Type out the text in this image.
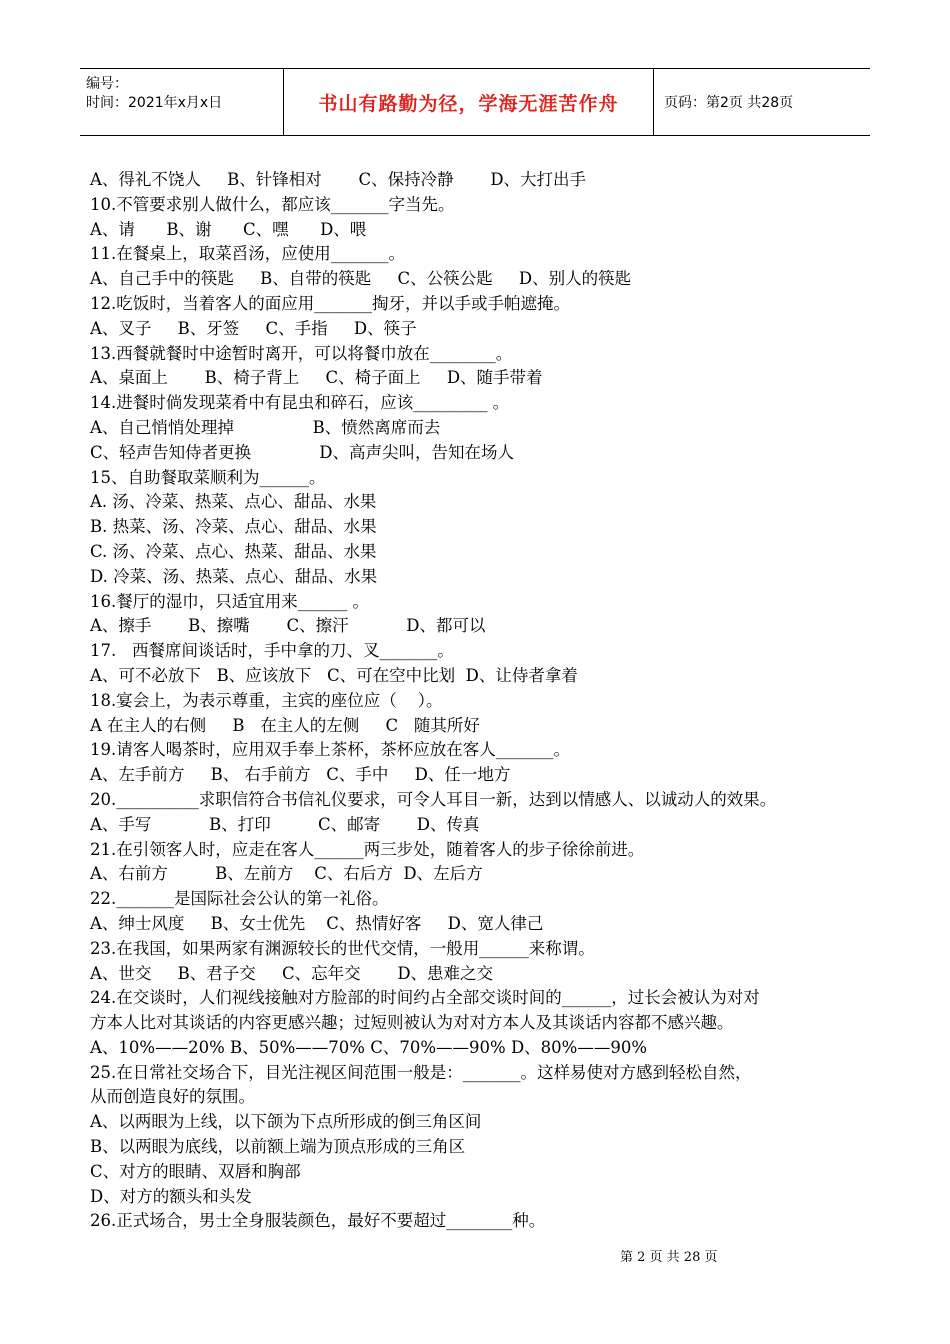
编号：
时间：2021年x月x日	书山有路勤为径，学海无涯苦作舟	页码：第2页 共28页
A、得礼不饶人     B、针锋相对       C、保持冷静       D、大打出手
10.不管要求别人做什么，都应该_______字当先。
A、请      B、谢      C、嘿      D、喂
11.在餐桌上，取菜舀汤，应使用_______。
A、自己手中的筷匙     B、自带的筷匙     C、公筷公匙     D、别人的筷匙
12.吃饭时，当着客人的面应用_______掏牙，并以手或手帕遮掩。
A、叉子     B、牙签     C、手指     D、筷子
13.西餐就餐时中途暂时离开，可以将餐巾放在________。
A、桌面上       B、椅子背上     C、椅子面上     D、随手带着
14.进餐时倘发现菜肴中有昆虫和碎石，应该_________ 。
A、自己悄悄处理掉               B、愤然离席而去
C、轻声告知侍者更换             D、高声尖叫，告知在场人
15、自助餐取菜顺利为______。
A. 汤、冷菜、热菜、点心、甜品、水果
B. 热菜、汤、冷菜、点心、甜品、水果
C. 汤、冷菜、点心、热菜、甜品、水果
D. 冷菜、汤、热菜、点心、甜品、水果
16.餐厅的湿巾，只适宜用来______ 。
A、擦手       B、擦嘴       C、擦汗           D、都可以
17.   西餐席间谈话时，手中拿的刀、叉_______。
A、可不必放下   B、应该放下   C、可在空中比划  D、让侍者拿着
18.宴会上，为表示尊重，主宾的座位应（    ）。
A 在主人的右侧     B   在主人的左侧     C   随其所好
19.请客人喝茶时，应用双手奉上茶杯，茶杯应放在客人_______。
A、左手前方     B、 右手前方   C、手中     D、任一地方
20.__________求职信符合书信礼仪要求，可令人耳目一新，达到以情感人、以诚动人的效果。
A、手写           B、打印         C、邮寄       D、传真
21.在引领客人时，应走在客人______两三步处，随着客人的步子徐徐前进。
A、右前方         B、左前方    C、右后方  D、左后方
22._______是国际社会公认的第一礼俗。
A、绅士风度     B、女士优先    C、热情好客     D、宽人律己
23.在我国，如果两家有渊源较长的世代交情，一般用______来称谓。
A、世交     B、君子交     C、忘年交       D、患难之交
24.在交谈时，人们视线接触对方脸部的时间约占全部交谈时间的______，过长会被认为对对
方本人比对其谈话的内容更感兴趣；过短则被认为对对方本人及其谈话内容都不感兴趣。
A、10%——20% B、50%——70% C、70%——90% D、80%——90%
25.在日常社交场合下，目光注视区间范围一般是：_______。这样易使对方感到轻松自然，
从而创造良好的氛围。
A、以两眼为上线，以下颌为下点所形成的倒三角区间
B、以两眼为底线，以前额上端为顶点形成的三角区
C、对方的眼睛、双唇和胸部
D、对方的额头和头发
26.正式场合，男士全身服装颜色，最好不要超过________种。
第 2 页 共 28 页
